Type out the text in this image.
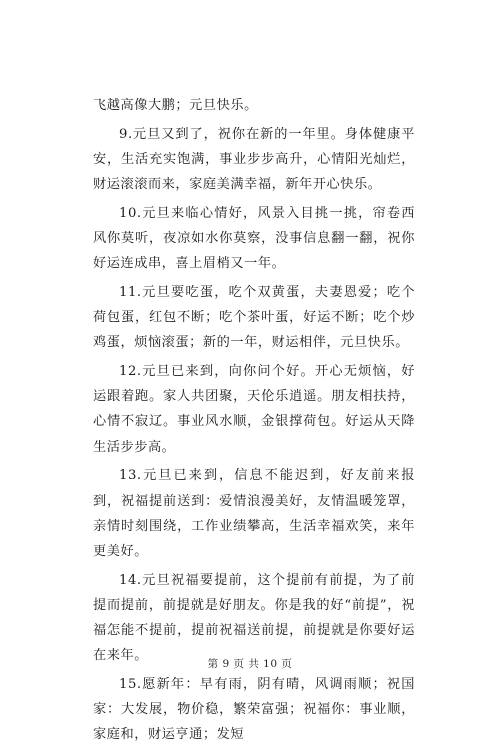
飞越高像大鹏；元旦快乐。

9.元旦又到了，祝你在新的一年里。身体健康平安，生活充实饱满，事业步步高升，心情阳光灿烂，财运滚滚而来，家庭美满幸福，新年开心快乐。

10.元旦来临心情好，风景入目挑一挑，帘卷西风你莫听，夜凉如水你莫察，没事信息翻一翻，祝你好运连成串，喜上眉梢又一年。

11.元旦要吃蛋，吃个双黄蛋，夫妻恩爱；吃个荷包蛋，红包不断；吃个茶叶蛋，好运不断；吃个炒鸡蛋，烦恼滚蛋；新的一年，财运相伴，元旦快乐。

12.元旦已来到，向你问个好。开心无烦恼，好运跟着跑。家人共团聚，天伦乐逍遥。朋友相扶持，心情不寂辽。事业风水顺，金银撑荷包。好运从天降生活步步高。

13.元旦已来到，信息不能迟到，好友前来报到，祝福提前送到：爱情浪漫美好，友情温暖笼罩，亲情时刻围绕，工作业绩攀高，生活幸福欢笑，来年更美好。

14.元旦祝福要提前，这个提前有前提，为了前提而提前，前提就是好朋友。你是我的好“前提”，祝福怎能不提前，提前祝福送前提，前提就是你要好运在来年。

15.愿新年：早有雨，阴有晴，风调雨顺；祝国家：大发展，物价稳，繁荣富强；祝福你：事业顺，家庭和，财运亨通；发短

第 9 页 共 10 页
